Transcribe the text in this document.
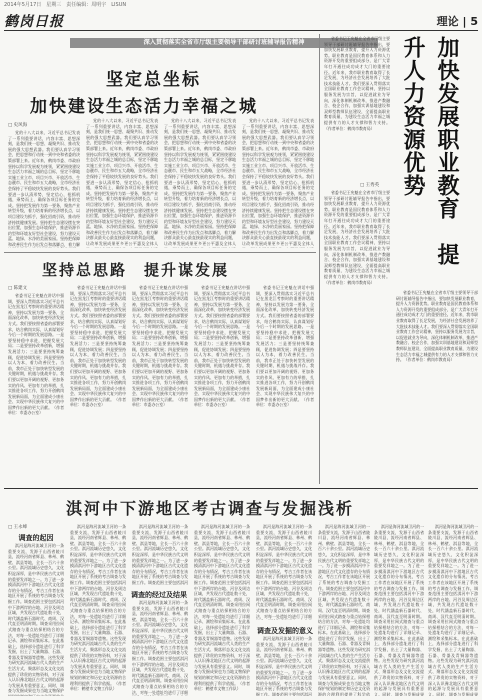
2014年5月17日　星期三　责任编辑：周明宇　LISUN
鹤岗日报	理论 | 5
深入贯彻落实全省市厅级主要领导干部研讨班辅导报告精神
坚定总坐标
加快建设生态活力幸福之城
□ 史风海

党的十八大以来，习近平总书记发表了一系列重要讲话，内容丰富、思想深刻，是我们统一思想、凝聚共识、推动发展的强大思想武器。我们要认真学习领会，把思想和行动统一到中央和省委的决策部署上来。近年来，鹤岗市委、市政府坚持以科学发展观为统领，紧紧围绕建设生态活力幸福之城的总目标，坚定不移地实施工业立市、项目兴市、开放活市、生态靓市、民生和市五大战略，全市经济社会保持了平稳较快发展的良好势头。我们要进一步认清形势，坚定信心，抢抓机遇，乘势而上，确保各项目标任务的完成。坚持把发展作为第一要务，聚焦产业转型升级，着力培育新的经济增长点，以项目建设为抓手，强化招商引资，推动经济持续健康发展。坚持把生态建设摆在突出位置，加强生态环境保护，推进资源节约型和环境友好型社会建设，努力建设天蓝、地绿、水净的美丽家园。坚持把保障和改善民生作为出发点和落脚点，着力解

党的十八大以来，习近平总书记发表了一系列重要讲话，内容丰富、思想深刻，是我们统一思想、凝聚共识、推动发展的强大思想武器。我们要认真学习领会，把思想和行动统一到中央和省委的决策部署上来。近年来，鹤岗市委、市政府坚持以科学发展观为统领，紧紧围绕建设生态活力幸福之城的总目标，坚定不移地实施工业立市、项目兴市、开放活市、生态靓市、民生和市五大战略，全市经济社会保持了平稳较快发展的良好势头。我们要进一步认清形势，坚定信心，抢抓机遇，乘势而上，确保各项目标任务的完成。坚持把发展作为第一要务，聚焦产业转型升级，着力培育新的经济增长点，以项目建设为抓手，强化招商引资，推动经济持续健康发展。坚持把生态建设摆在突出位置，加强生态环境保护，推进资源节约型和环境友好型社会建设，努力建设天蓝、地绿、水净的美丽家园。坚持把保障和改善民生作为出发点和落脚点，着力解决群众最关心最直接最现实的利益问题，让改革发展成果更多更公平惠及全体人

党的十八大以来，习近平总书记发表了一系列重要讲话，内容丰富、思想深刻，是我们统一思想、凝聚共识、推动发展的强大思想武器。我们要认真学习领会，把思想和行动统一到中央和省委的决策部署上来。近年来，鹤岗市委、市政府坚持以科学发展观为统领，紧紧围绕建设生态活力幸福之城的总目标，坚定不移地实施工业立市、项目兴市、开放活市、生态靓市、民生和市五大战略，全市经济社会保持了平稳较快发展的良好势头。我们要进一步认清形势，坚定信心，抢抓机遇，乘势而上，确保各项目标任务的完成。坚持把发展作为第一要务，聚焦产业转型升级，着力培育新的经济增长点，以项目建设为抓手，强化招商引资，推动经济持续健康发展。坚持把生态建设摆在突出位置，加强生态环境保护，推进资源节约型和环境友好型社会建设，努力建设天蓝、地绿、水净的美丽家园。坚持把保障和改善民生作为出发点和落脚点，着力解决群众最关心最直接最现实的利益问题，让改革发展成果更多更公平惠及全体人

党的十八大以来，习近平总书记发表了一系列重要讲话，内容丰富、思想深刻，是我们统一思想、凝聚共识、推动发展的强大思想武器。我们要认真学习领会，把思想和行动统一到中央和省委的决策部署上来。近年来，鹤岗市委、市政府坚持以科学发展观为统领，紧紧围绕建设生态活力幸福之城的总目标，坚定不移地实施工业立市、项目兴市、开放活市、生态靓市、民生和市五大战略，全市经济社会保持了平稳较快发展的良好势头。我们要进一步认清形势，坚定信心，抢抓机遇，乘势而上，确保各项目标任务的完成。坚持把发展作为第一要务，聚焦产业转型升级，着力培育新的经济增长点，以项目建设为抓手，强化招商引资，推动经济持续健康发展。坚持把生态建设摆在突出位置，加强生态环境保护，推进资源节约型和环境友好型社会建设，努力建设天蓝、地绿、水净的美丽家园。坚持把保障和改善民生作为出发点和落脚点，着力解决群众最关心最直接最现实的利益问题，让改革发展成果更多更公平惠及全体人

坚持总思路　提升谋发展
□ 陈建文

省委书记王宪魁在讲话中强调，要深入贯彻落实习近平总书记在黑龙江考察时的重要讲话精神，坚持以发展为第一要务，全面深化改革，加快转变经济发展方式。我们要按照省委的部署要求，结合鹤岗实际，认真谋划好今后一个时期的发展思路。一是要坚持稳中求进，把握发展大局；二是要坚持改革创新，增强发展活力；三是要坚持统筹兼顾，促进协调发展；四是要坚持以人为本，着力改善民生。当前，我市正处于加快转型发展的关键时期，机遇与挑战并存。我们要以更加开阔的视野、更加务实的作风、更加有力的举措，扎实推进各项工作，努力开创鹤岗发展新局面，为全面建成小康社会、实现中华民族伟大复兴的中国梦作出新的更大贡献。（作者单位：市委办公室）

省委书记王宪魁在讲话中强调，要深入贯彻落实习近平总书记在黑龙江考察时的重要讲话精神，坚持以发展为第一要务，全面深化改革，加快转变经济发展方式。我们要按照省委的部署要求，结合鹤岗实际，认真谋划好今后一个时期的发展思路。一是要坚持稳中求进，把握发展大局；二是要坚持改革创新，增强发展活力；三是要坚持统筹兼顾，促进协调发展；四是要坚持以人为本，着力改善民生。当前，我市正处于加快转型发展的关键时期，机遇与挑战并存。我们要以更加开阔的视野、更加务实的作风、更加有力的举措，扎实推进各项工作，努力开创鹤岗发展新局面，为全面建成小康社会、实现中华民族伟大复兴的中国梦作出新的更大贡献。（作者单位：市委办公室）

省委书记王宪魁在讲话中强调，要深入贯彻落实习近平总书记在黑龙江考察时的重要讲话精神，坚持以发展为第一要务，全面深化改革，加快转变经济发展方式。我们要按照省委的部署要求，结合鹤岗实际，认真谋划好今后一个时期的发展思路。一是要坚持稳中求进，把握发展大局；二是要坚持改革创新，增强发展活力；三是要坚持统筹兼顾，促进协调发展；四是要坚持以人为本，着力改善民生。当前，我市正处于加快转型发展的关键时期，机遇与挑战并存。我们要以更加开阔的视野、更加务实的作风、更加有力的举措，扎实推进各项工作，努力开创鹤岗发展新局面，为全面建成小康社会、实现中华民族伟大复兴的中国梦作出新的更大贡献。（作者单位：市委办公室）

省委书记王宪魁在讲话中强调，要深入贯彻落实习近平总书记在黑龙江考察时的重要讲话精神，坚持以发展为第一要务，全面深化改革，加快转变经济发展方式。我们要按照省委的部署要求，结合鹤岗实际，认真谋划好今后一个时期的发展思路。一是要坚持稳中求进，把握发展大局；二是要坚持改革创新，增强发展活力；三是要坚持统筹兼顾，促进协调发展；四是要坚持以人为本，着力改善民生。当前，我市正处于加快转型发展的关键时期，机遇与挑战并存。我们要以更加开阔的视野、更加务实的作风、更加有力的举措，扎实推进各项工作，努力开创鹤岗发展新局面，为全面建成小康社会、实现中华民族伟大复兴的中国梦作出新的更大贡献。（作者单位：市委办公室）

省委书记王宪魁在讲话中强调，要深入贯彻落实习近平总书记在黑龙江考察时的重要讲话精神，坚持以发展为第一要务，全面深化改革，加快转变经济发展方式。我们要按照省委的部署要求，结合鹤岗实际，认真谋划好今后一个时期的发展思路。一是要坚持稳中求进，把握发展大局；二是要坚持改革创新，增强发展活力；三是要坚持统筹兼顾，促进协调发展；四是要坚持以人为本，着力改善民生。当前，我市正处于加快转型发展的关键时期，机遇与挑战并存。我们要以更加开阔的视野、更加务实的作风、更加有力的举措，扎实推进各项工作，努力开创鹤岗发展新局面，为全面建成小康社会、实现中华民族伟大复兴的中国梦作出新的更大贡献。（作者单位：市委办公室）

省委书记王宪魁在全省市厅级主要领导干部研讨班辅导报告中指出，要加快发展职业教育，提升人力资源优势。职业教育是国民教育体系和人力资源开发的重要组成部分，是广大青年打开通往成功成才大门的重要途径。近年来，我市职业教育取得了长足发展，为经济社会发展培养了大批技术技能人才。我们要深入贯彻落实全国职业教育工作会议精神，坚持以服务发展为宗旨，以促进就业为导向，深化体制机制改革，推进产教融合、校企合作，加强实训基地建设和双师型教师队伍建设，全面提高职业教育质量，为建设生态活力幸福之城提供有力的人才支撑和智力支持。（作者单位：鹤岗市教育局）	加快发展职业教育　提升人力资源优势
□ 王秀英

省委书记王宪魁在全省市厅级主要领导干部研讨班辅导报告中指出，要加快发展职业教育，提升人力资源优势。职业教育是国民教育体系和人力资源开发的重要组成部分，是广大青年打开通往成功成才大门的重要途径。近年来，我市职业教育取得了长足发展，为经济社会发展培养了大批技术技能人才。我们要深入贯彻落实全国职业教育工作会议精神，坚持以服务发展为宗旨，以促进就业为导向，深化体制机制改革，推进产教融合、校企合作，加强实训基地建设和双师型教师队伍建设，全面提高职业教育质量，为建设生态活力幸福之城提供有力的人才支撑和智力支持。（作者单位：鹤岗市教育局）

省委书记王宪魁在全省市厅级主要领导干部研讨班辅导报告中指出，要加快发展职业教育，提升人力资源优势。职业教育是国民教育体系和人力资源开发的重要组成部分，是广大青年打开通往成功成才大门的重要途径。近年来，我市职业教育取得了长足发展，为经济社会发展培养了大批技术技能人才。我们要深入贯彻落实全国职业教育工作会议精神，坚持以服务发展为宗旨，以促进就业为导向，深化体制机制改革，推进产教融合、校企合作，加强实训基地建设和双师型教师队伍建设，全面提高职业教育质量，为建设生态活力幸福之城提供有力的人才支撑和智力支持。（作者单位：鹤岗市教育局）

淇河中下游地区考古调查与发掘浅析
□ 王永峰
调查的起因

淇河是海河流域卫河的一条重要支流，发源于山西省陵川县，流经河南省辉县、林州、鹤壁、淇县等地，全长一百六十余公里。淇河流域历史悠久，文化积淀深厚，是中华民族古代文明的重要发祥地之一。为了进一步摸清淇河中下游地区古代文化遗存的分布情况，考古工作者在该地区开展了系统的考古调查与发掘工作。调查范围主要包括淇河中下游两岸的台地、河谷及周边区域，共发现古代遗址数十处，时代涵盖新石器时代、商周、汉代直至明清时期。调查采用拉网式踏查与重点钻探相结合的方法，对每一处遗址均进行了详细记录、测绘和采集标本。在此基础上，选择部分遗址进行了科学发掘，出土了大量陶器、石器、骨器及青铜器等遗物。这些发现为研究淇河流域古代人类的生产生活方式、聚落形态及文化交流提供了珍贵的实物资料，对于深入认识豫北地区古代文明的起源与发展具有重要意义。同时，调查与发掘成果也为当地文物保护

淇河是海河流域卫河的一条重要支流，发源于山西省陵川县，流经河南省辉县、林州、鹤壁、淇县等地，全长一百六十余公里。淇河流域历史悠久，文化积淀深厚，是中华民族古代文明的重要发祥地之一。为了进一步摸清淇河中下游地区古代文化遗存的分布情况，考古工作者在该地区开展了系统的考古调查与发掘工作。调查范围主要包括淇河中下游两岸的台地、河谷及周边区域，共发现古代遗址数十处，时代涵盖新石器时代、商周、汉代直至明清时期。调查采用拉网式踏查与重点钻探相结合的方法，对每一处遗址均进行了详细记录、测绘和采集标本。在此基础上，选择部分遗址进行了科学发掘，出土了大量陶器、石器、骨器及青铜器等遗物。这些发现为研究淇河流域古代人类的生产生活方式、聚落形态及文化交流提供了珍贵的实物资料，对于深入认识豫北地区古代文明的起源与发展具有重要意义。同时，调查与发掘成果也为当地文物保护规划的制定和历史文化资源的合理利用提供了科学依据。（作者单位：鹤壁市文物工作队）

调查的经过及结果

淇河是海河流域卫河的一条重要支流，发源于山西省陵川县，流经河南省辉县、林州、鹤壁、淇县等地，全长一百六十余公里。淇河流域历史悠久，文化积淀深厚，是中华民族古代文明的重要发祥地之一。为了进一步摸清淇河中下游地区古代文化遗存的分布情况，考古工作者在该地区开展了系统的考古调查与发掘工作。调查范围主要包括淇河

淇河是海河流域卫河的一条重要支流，发源于山西省陵川县，流经河南省辉县、林州、鹤壁、淇县等地，全长一百六十余公里。淇河流域历史悠久，文化积淀深厚，是中华民族古代文明的重要发祥地之一。为了进一步摸清淇河中下游地区古代文化遗存的分布情况，考古工作者在该地区开展了系统的考古调查与发掘工作。调查范围主要包括淇河中下游两岸的台地、河谷及周边区域，共发现古代遗址数十处，时代涵盖新石器时代、商周、汉代直至明清时期。调查采用拉网式踏查与重点钻探相结合的方法，对每一处遗址均进行了详细

淇河是海河流域卫河的一条重要支流，发源于山西省陵川县，流经河南省辉县、林州、鹤壁、淇县等地，全长一百六十余公里。淇河流域历史悠久，文化积淀深厚，是中华民族古代文明的重要发祥地之一。为了进一步摸清淇河中下游地区古代文化遗存的分布情况，考古工作者在该地区开展了系统的考古调查与发掘工作。调查范围主要包括淇河中下游两岸的台地、河谷及周边区域，共发现古代遗址数十处，时代涵盖新石器时代、商周、汉代直至明清时期。调查采用拉网式踏查与重点钻探相结合的方法，对每一处遗址均进行了详细记录、测绘和采集标本。在此基础上，选择部分遗址进行了科学发掘，出土了大量陶器、石器、骨器及青铜器等遗物。这些发现为研究淇河流域古代人类的生产生活方式、聚落形态及文化交流提供了珍贵的实物资料，对于深入认识豫北地区古代文明的起源与发展具有重要意义。同时，调查与发掘成果也为当地文物保护规划的制定和历史文化资源的合理利用提供了科学依据。（作者单位：鹤壁市文物工作队）

淇河是海河流域卫河的一条重要支流，发源于山西省陵川县，流经河南省辉县、林州、鹤壁、淇县等地，全长一百六十余公里。淇河流域历史悠久，文化积淀深厚，是中华民族古代文明的重要发祥地之一。为了进一步摸清淇河中下游地区古代文化遗存的分布情况，考古工作者在该地区开展了系统的考古调查与发掘工作。调查范围主要包括淇河中下游两岸的台地、河谷及周边区域，共发现古代遗址数十处，时代涵盖新石器时代、商周、汉代直至明清时期。调查采用拉网式踏查与重点钻探相结合的方法，对每一处遗址均进行了详细

调查及发掘的意义

淇河是海河流域卫河的一条重要支流，发源于山西省陵川县，流经河南省辉县、林州、鹤壁、淇县等地，全长一百六十余公里。淇河流域历史悠久，文化积淀深厚，是中华民族古代文明的重要发祥地之一。为了进一步摸清淇河中下游地区古代文化遗存的分布情况，考古工作者在该地区开展了系统的考古调查与发掘工作。调查范围主要包括淇河

淇河是海河流域卫河的一条重要支流，发源于山西省陵川县，流经河南省辉县、林州、鹤壁、淇县等地，全长一百六十余公里。淇河流域历史悠久，文化积淀深厚，是中华民族古代文明的重要发祥地之一。为了进一步摸清淇河中下游地区古代文化遗存的分布情况，考古工作者在该地区开展了系统的考古调查与发掘工作。调查范围主要包括淇河中下游两岸的台地、河谷及周边区域，共发现古代遗址数十处，时代涵盖新石器时代、商周、汉代直至明清时期。调查采用拉网式踏查与重点钻探相结合的方法，对每一处遗址均进行了详细记录、测绘和采集标本。在此基础上，选择部分遗址进行了科学发掘，出土了大量陶器、石器、骨器及青铜器等遗物。这些发现为研究淇河流域古代人类的生产生活方式、聚落形态及文化交流提供了珍贵的实物资料，对于深入认识豫北地区古代文明的起源与发展具有重要意义。同时，调查与发掘成果也为当地文物保护规划的制定和历史文化资源的合理利用提供了科学依

淇河是海河流域卫河的一条重要支流，发源于山西省陵川县，流经河南省辉县、林州、鹤壁、淇县等地，全长一百六十余公里。淇河流域历史悠久，文化积淀深厚，是中华民族古代文明的重要发祥地之一。为了进一步摸清淇河中下游地区古代文化遗存的分布情况，考古工作者在该地区开展了系统的考古调查与发掘工作。调查范围主要包括淇河中下游两岸的台地、河谷及周边区域，共发现古代遗址数十处，时代涵盖新石器时代、商周、汉代直至明清时期。调查采用拉网式踏查与重点钻探相结合的方法，对每一处遗址均进行了详细记录、测绘和采集标本。在此基础上，选择部分遗址进行了科学发掘，出土了大量陶器、石器、骨器及青铜器等遗物。这些发现为研究淇河流域古代人类的生产生活方式、聚落形态及文化交流提供了珍贵的实物资料，对于深入认识豫北地区古代文明的起源与发展具有重要意义。同时，调查与发掘成果

淇河是海河流域卫河的一条重要支流，发源于山西省陵川县，流经河南省辉县、林州、鹤壁、淇县等地，全长一百六十余公里。淇河流域历史悠久，文化积淀深厚，是中华民族古代文明的重要发祥地之一。为了进一步摸清淇河中下游地区古代文化遗存的分布情况，考古工作者在该地区开展了系统的考古调查与发掘工作。调查范围主要包括淇河中下游两岸的台地、河谷及周边区域，共发现古代遗址数十处，时代涵盖新石器时代、商周、汉代直至明清时期。调查采用拉网式踏查与重点钻探相结合的方法，对每一处遗址均进行了详细记录、测绘和采集标本。在此基础上，选择部分遗址进行了科学发掘，出土了大量陶器、石器、骨器及青铜器等遗物。这些发现为研究淇河流域古代人类的生产生活方式、聚落形态及文化交流提供了珍贵的实物资料，对于深入认识豫北地区古代文明的起源与发展具有重要意义。同时，调查与发掘成果
